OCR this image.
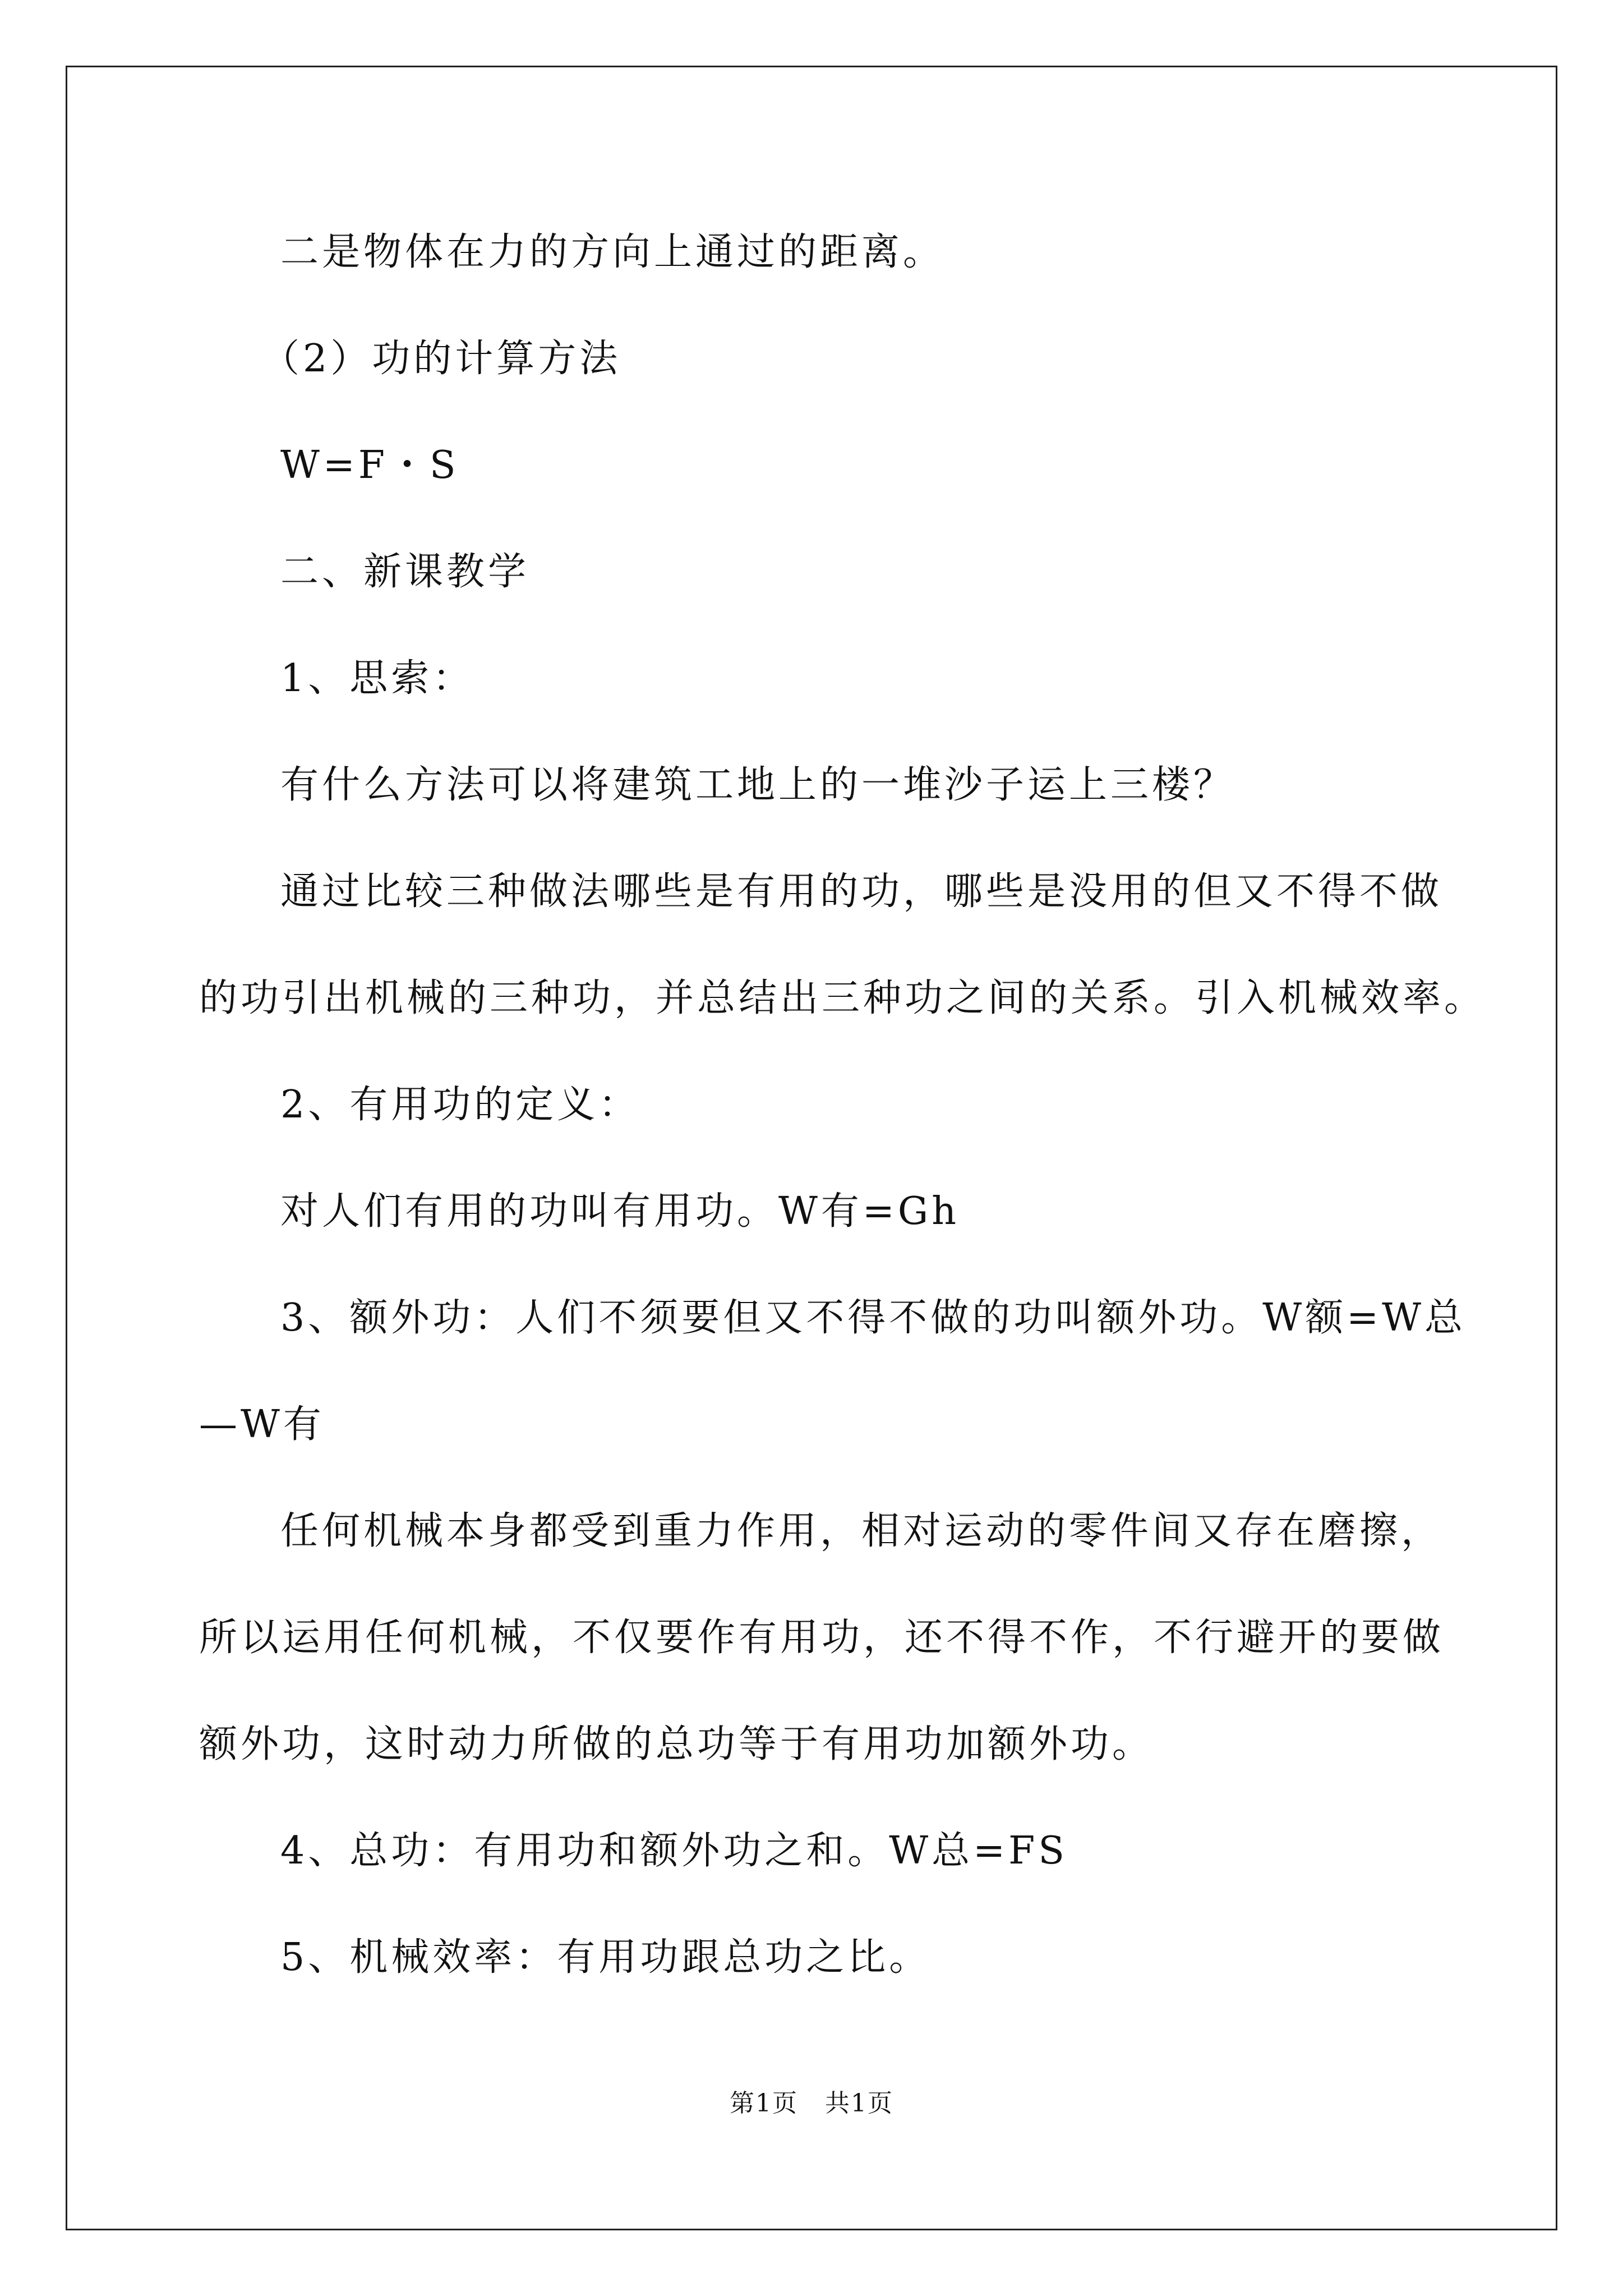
二是物体在力的方向上通过的距离。

（2）功的计算方法

W=F・S

二、新课教学

1、思索：

有什么方法可以将建筑工地上的一堆沙子运上三楼？

通过比较三种做法哪些是有用的功，哪些是没用的但又不得不做

的功引出机械的三种功，并总结出三种功之间的关系。引入机械效率。

2、有用功的定义：

对人们有用的功叫有用功。W有=Gh

3、额外功：人们不须要但又不得不做的功叫额外功。W额=W总

—W有

任何机械本身都受到重力作用，相对运动的零件间又存在磨擦，

所以运用任何机械，不仅要作有用功，还不得不作，不行避开的要做

额外功，这时动力所做的总功等于有用功加额外功。

4、总功：有用功和额外功之和。W总=FS

5、机械效率：有用功跟总功之比。

第1页   共1页
